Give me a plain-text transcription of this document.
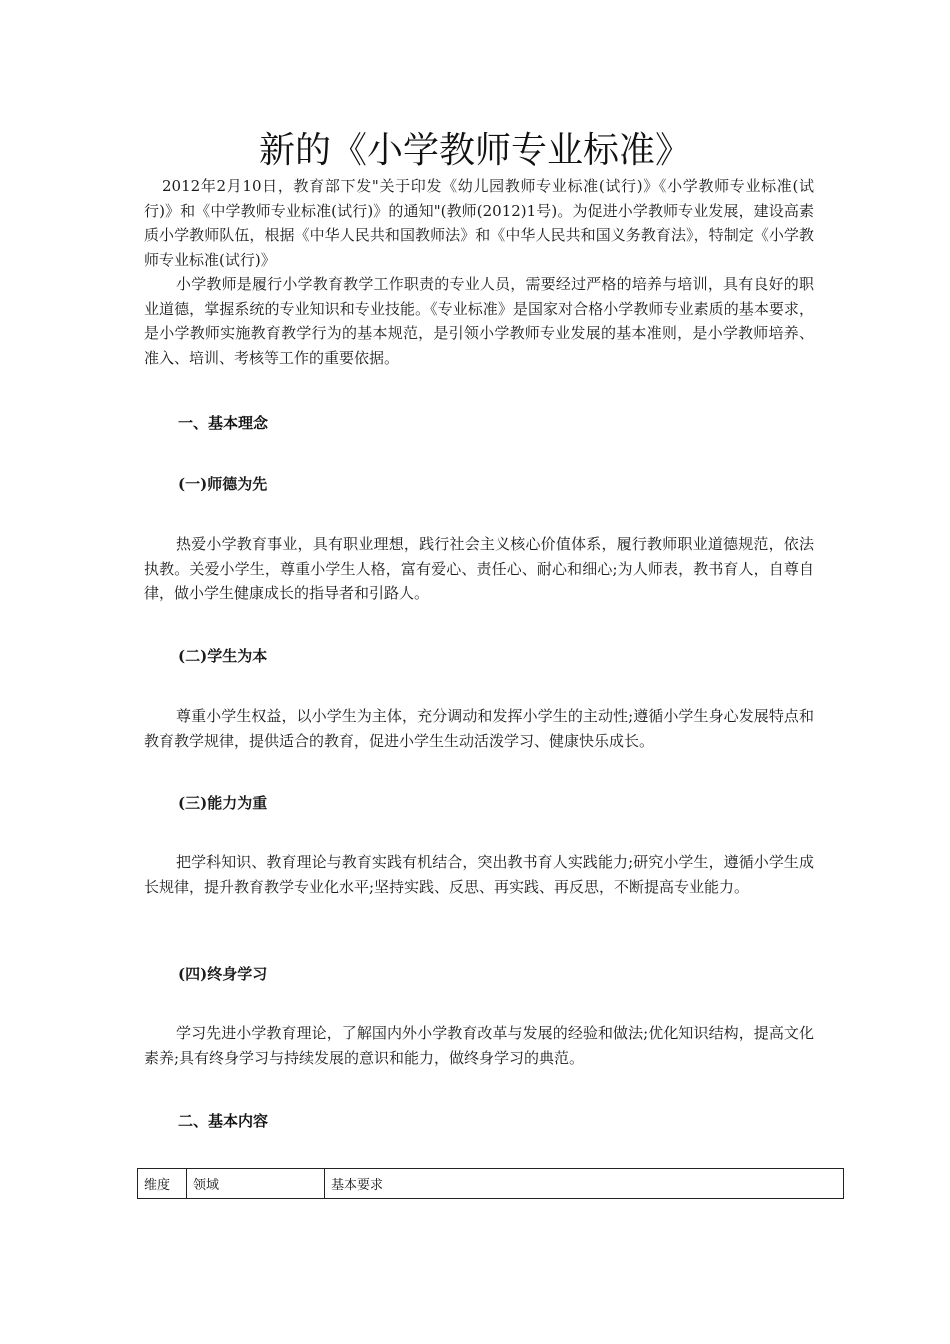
新的《小学教师专业标准》

2012年2月10日，教育部下发"关于印发《幼儿园教师专业标准(试行)》《小学教师专业标准(试行)》和《中学教师专业标准(试行)》的通知"(教师(2012)1号)。为促进小学教师专业发展，建设高素质小学教师队伍，根据《中华人民共和国教师法》和《中华人民共和国义务教育法》，特制定《小学教师专业标准(试行)》

小学教师是履行小学教育教学工作职责的专业人员，需要经过严格的培养与培训，具有良好的职业道德，掌握系统的专业知识和专业技能。《专业标准》是国家对合格小学教师专业素质的基本要求，是小学教师实施教育教学行为的基本规范，是引领小学教师专业发展的基本准则，是小学教师培养、准入、培训、考核等工作的重要依据。

一、基本理念
(一)师德为先

热爱小学教育事业，具有职业理想，践行社会主义核心价值体系，履行教师职业道德规范，依法执教。关爱小学生，尊重小学生人格，富有爱心、责任心、耐心和细心;为人师表，教书育人，自尊自律，做小学生健康成长的指导者和引路人。

(二)学生为本

尊重小学生权益，以小学生为主体，充分调动和发挥小学生的主动性;遵循小学生身心发展特点和教育教学规律，提供适合的教育，促进小学生生动活泼学习、健康快乐成长。

(三)能力为重

把学科知识、教育理论与教育实践有机结合，突出教书育人实践能力;研究小学生，遵循小学生成长规律，提升教育教学专业化水平;坚持实践、反思、再实践、再反思，不断提高专业能力。

(四)终身学习

学习先进小学教育理论，了解国内外小学教育改革与发展的经验和做法;优化知识结构，提高文化素养;具有终身学习与持续发展的意识和能力，做终身学习的典范。

二、基本内容
维度	领域	基本要求
